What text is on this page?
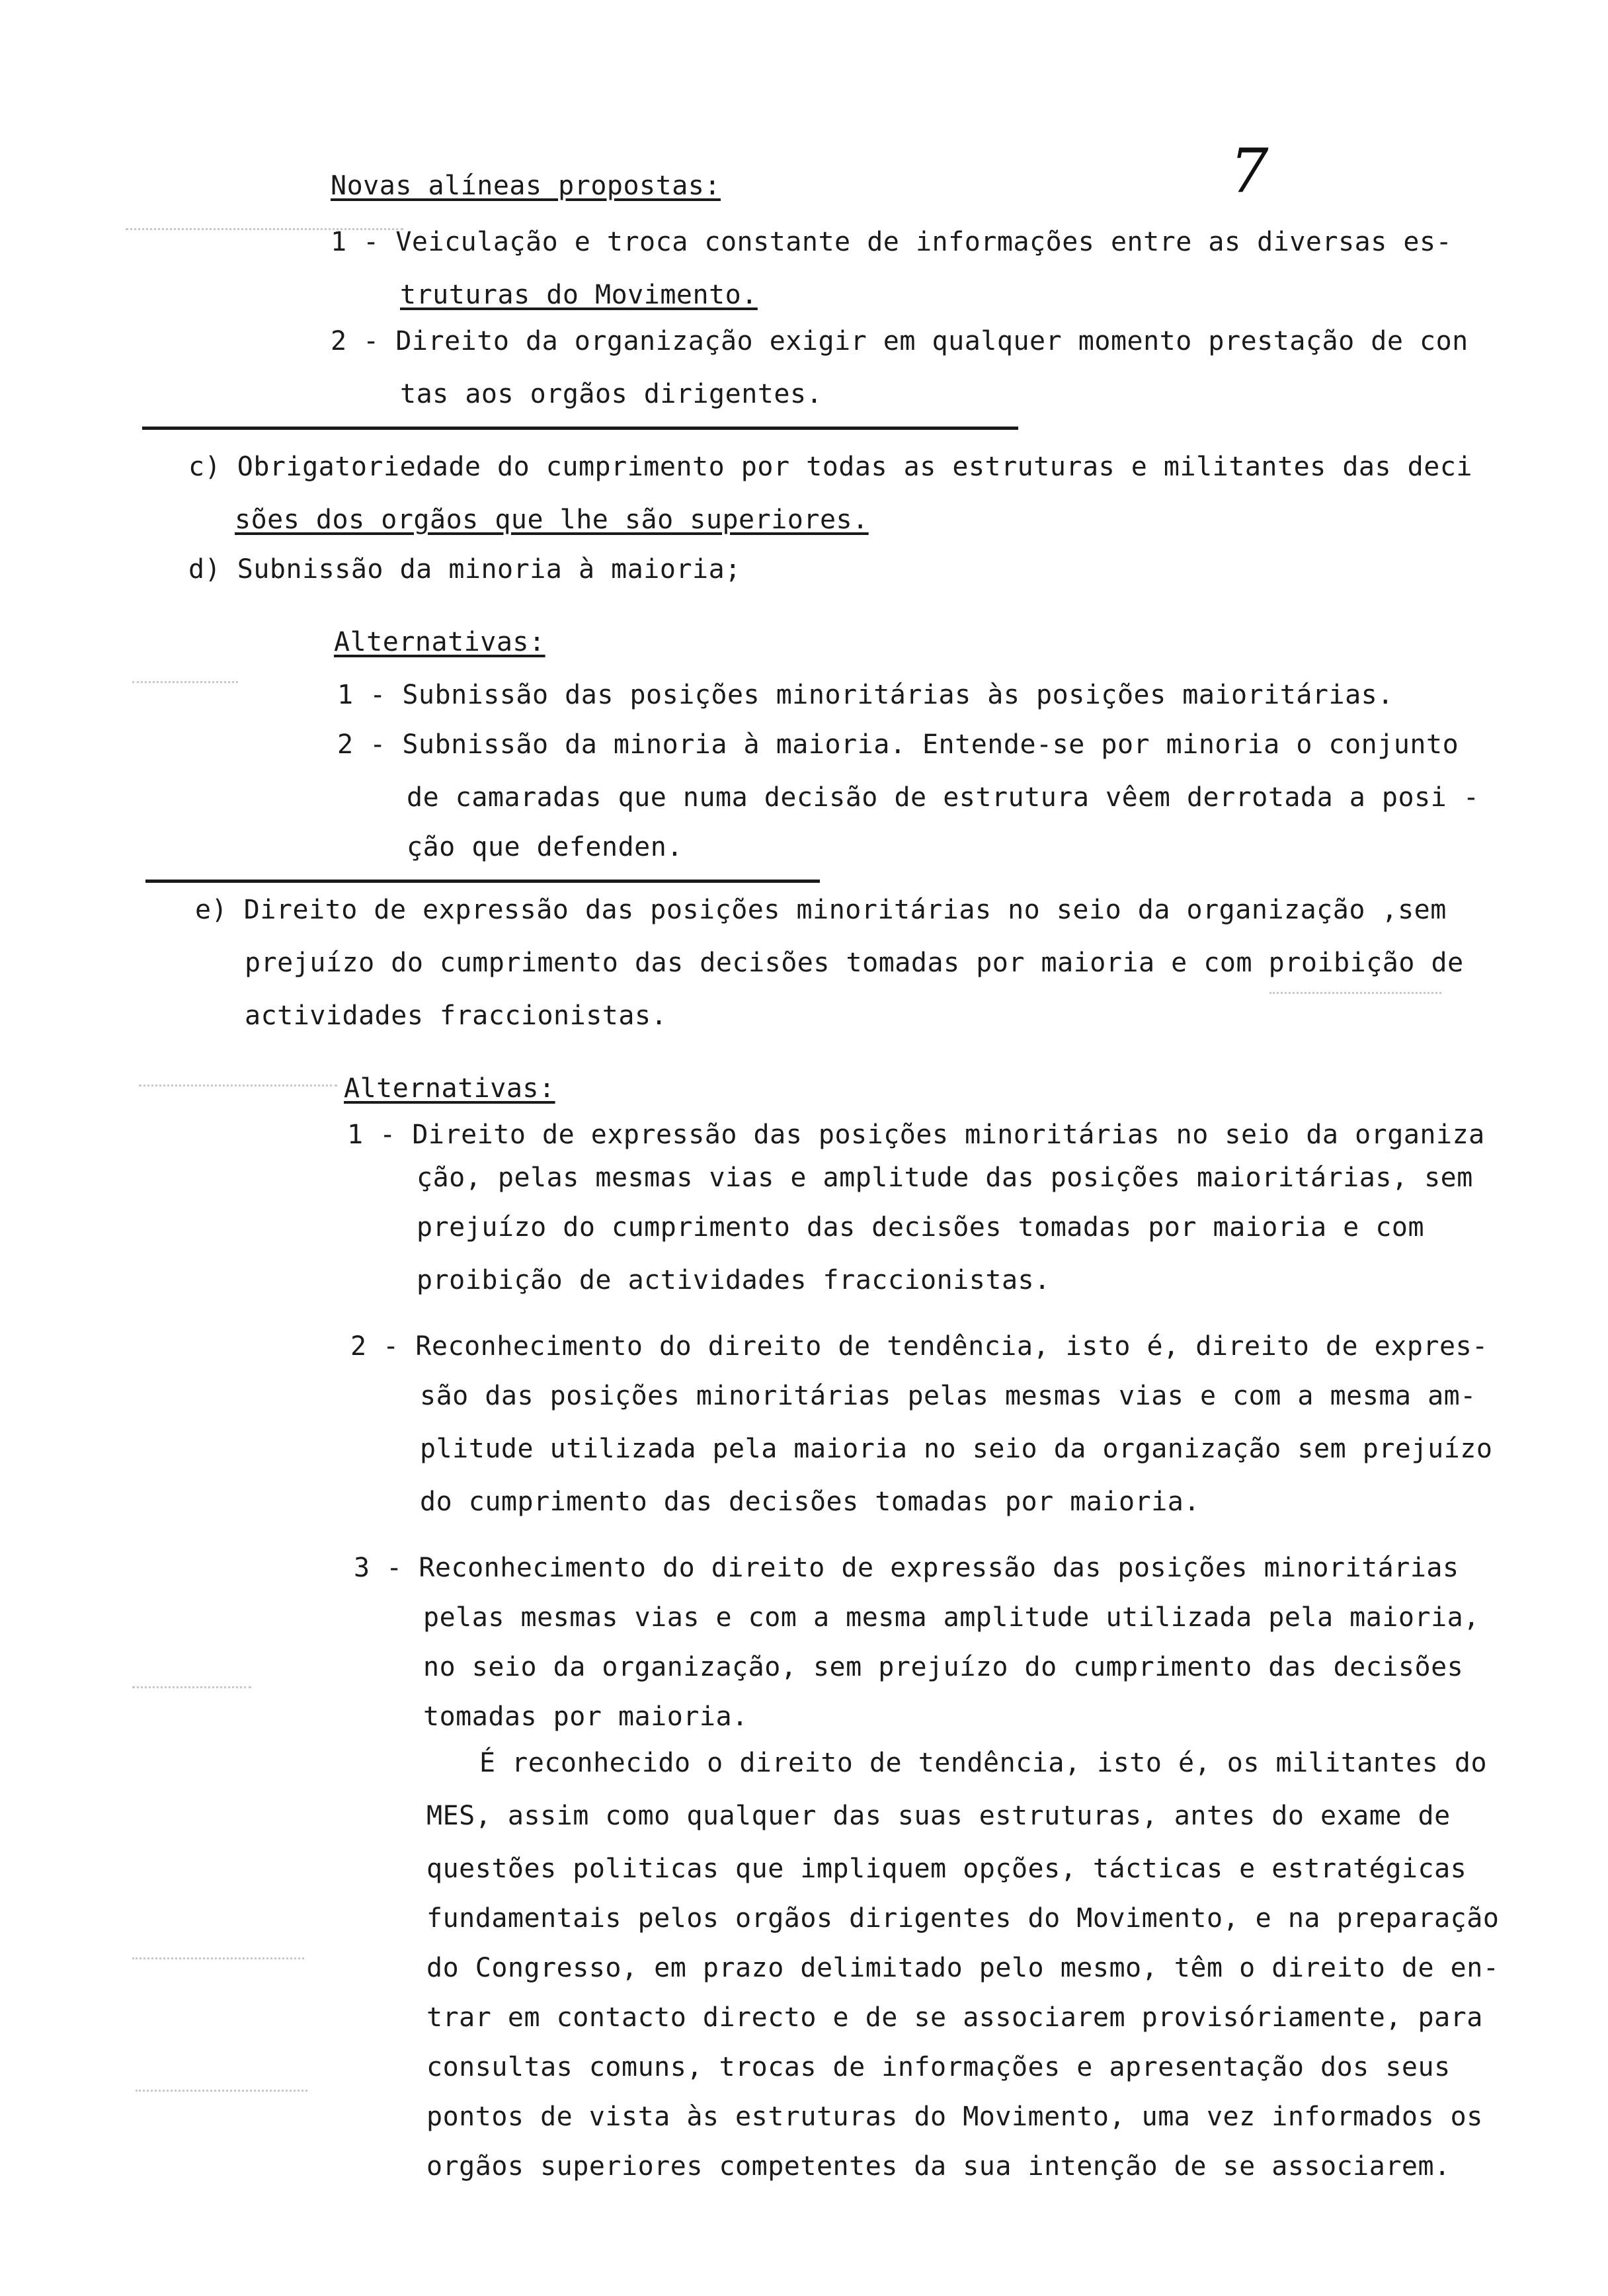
7
Novas alíneas propostas:
1 - Veiculação e troca constante de informações entre as diversas es-
truturas do Movimento.
2 - Direito da organização exigir em qualquer momento prestação de con
tas aos orgãos dirigentes.
c) Obrigatoriedade do cumprimento por todas as estruturas e militantes das deci
sões dos orgãos que lhe são superiores.
d) Subnissão da minoria à maioria;
Alternativas:
1 - Subnissão das posições minoritárias às posições maioritárias.
2 - Subnissão da minoria à maioria. Entende-se por minoria o conjunto
de camaradas que numa decisão de estrutura vêem derrotada a posi -
ção que defenden.
e) Direito de expressão das posições minoritárias no seio da organização ,sem
prejuízo do cumprimento das decisões tomadas por maioria e com proibição de
actividades fraccionistas.
Alternativas:
1 - Direito de expressão das posições minoritárias no seio da organiza
ção, pelas mesmas vias e amplitude das posições maioritárias, sem
prejuízo do cumprimento das decisões tomadas por maioria e com
proibição de actividades fraccionistas.
2 - Reconhecimento do direito de tendência, isto é, direito de expres-
são das posições minoritárias pelas mesmas vias e com a mesma am-
plitude utilizada pela maioria no seio da organização sem prejuízo
do cumprimento das decisões tomadas por maioria.
3 - Reconhecimento do direito de expressão das posições minoritárias
pelas mesmas vias e com a mesma amplitude utilizada pela maioria,
no seio da organização, sem prejuízo do cumprimento das decisões
tomadas por maioria.
É reconhecido o direito de tendência, isto é, os militantes do
MES, assim como qualquer das suas estruturas, antes do exame de
questões politicas que impliquem opções, tácticas e estratégicas
fundamentais pelos orgãos dirigentes do Movimento, e na preparação
do Congresso, em prazo delimitado pelo mesmo, têm o direito de en-
trar em contacto directo e de se associarem provisóriamente, para
consultas comuns, trocas de informações e apresentação dos seus
pontos de vista às estruturas do Movimento, uma vez informados os
orgãos superiores competentes da sua intenção de se associarem.
